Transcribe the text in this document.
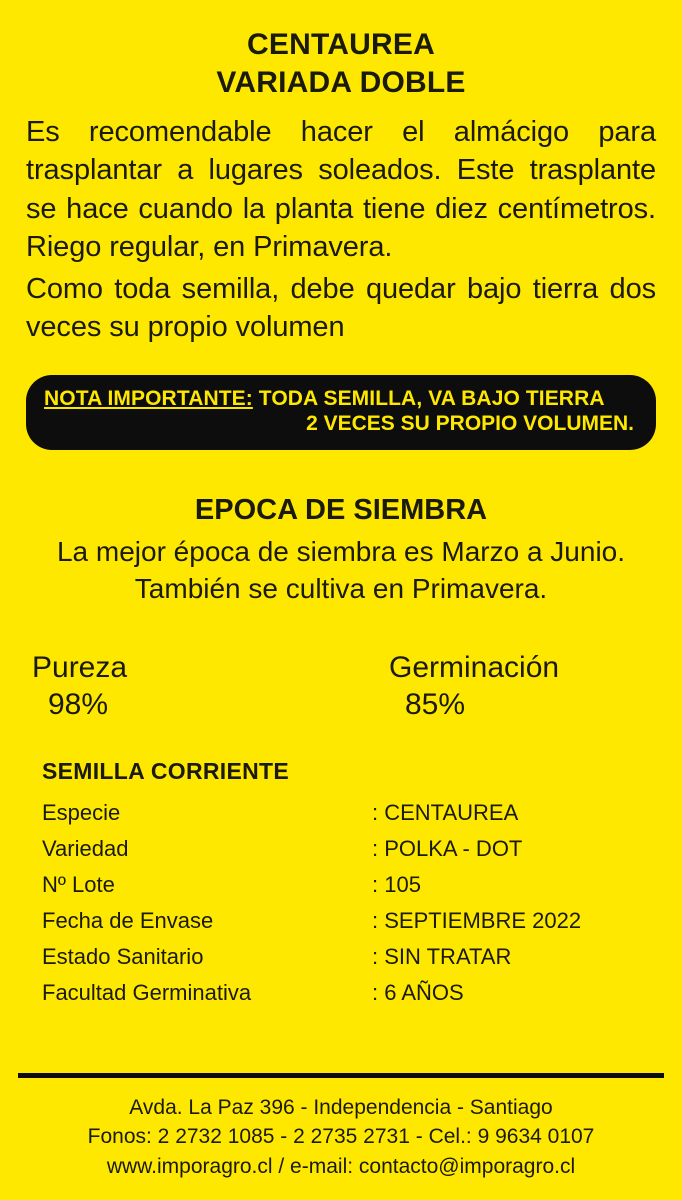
CENTAUREA
VARIADA DOBLE
Es recomendable hacer el almácigo para trasplantar a lugares soleados. Este trasplante se hace cuando la planta tiene diez centímetros. Riego regular, en Primavera.
Como toda semilla, debe quedar bajo tierra dos veces su propio volumen
NOTA IMPORTANTE: TODA SEMILLA, VA BAJO TIERRA
2 VECES SU PROPIO VOLUMEN.
EPOCA DE SIEMBRA
La mejor época de siembra es Marzo a Junio. También se cultiva en Primavera.
Pureza
98%
Germinación
85%
SEMILLA CORRIENTE
Especie	: CENTAUREA
Variedad	: POLKA - DOT
Nº Lote	: 105
Fecha de Envase	: SEPTIEMBRE 2022
Estado Sanitario	: SIN TRATAR
Facultad Germinativa	: 6 AÑOS
Avda. La Paz 396 - Independencia - Santiago
Fonos: 2 2732 1085 - 2 2735 2731 - Cel.: 9 9634 0107
www.imporagro.cl / e-mail: contacto@imporagro.cl
